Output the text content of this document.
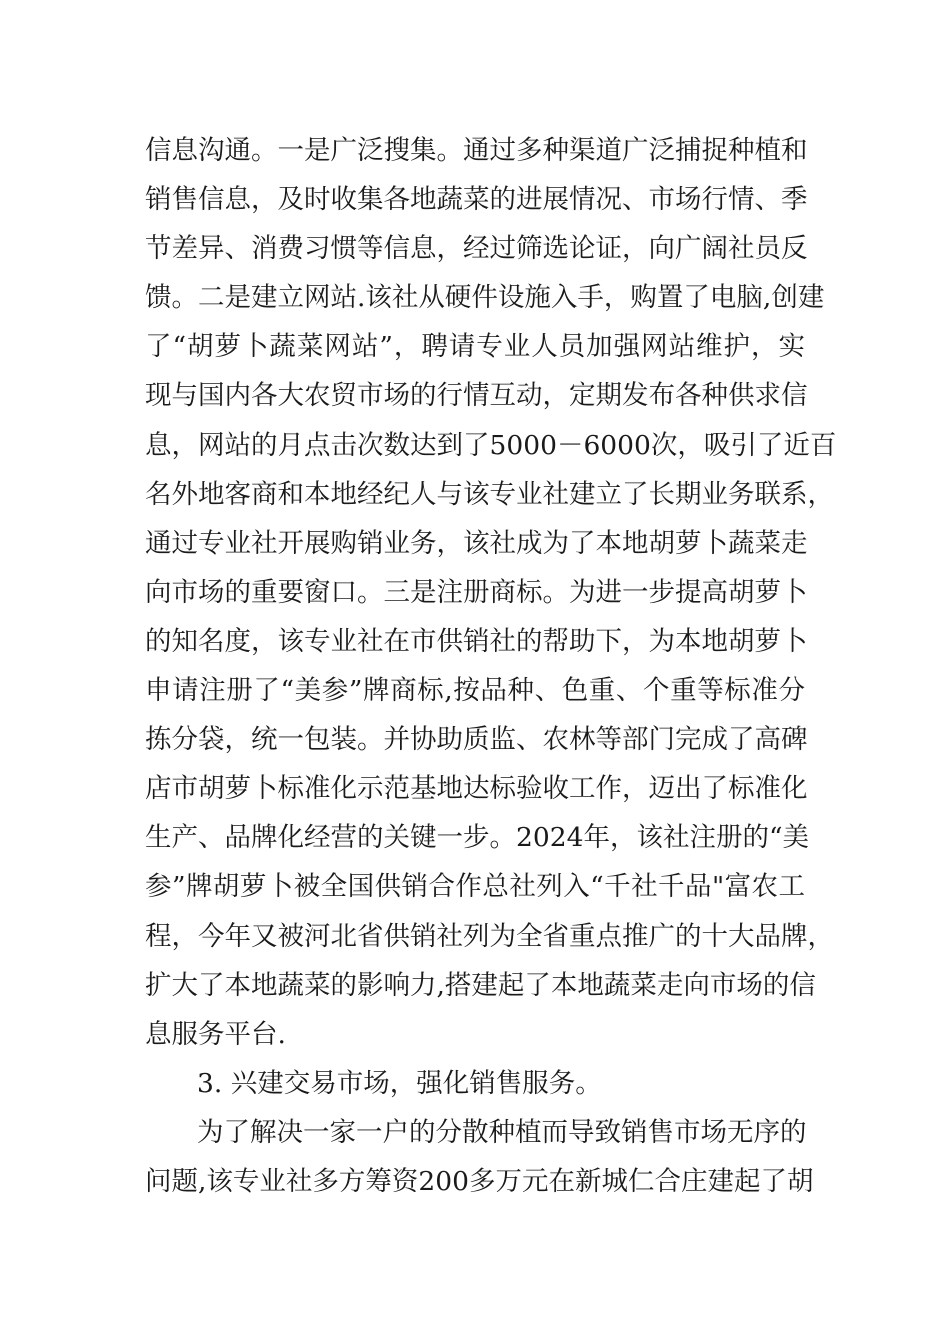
信息沟通。一是广泛搜集。通过多种渠道广泛捕捉种植和
销售信息，及时收集各地蔬菜的进展情况、市场行情、季
节差异、消费习惯等信息，经过筛选论证，向广阔社员反
馈。二是建立网站.该社从硬件设施入手，购置了电脑,创建
了“胡萝卜蔬菜网站”，聘请专业人员加强网站维护，实
现与国内各大农贸市场的行情互动，定期发布各种供求信
息，网站的月点击次数达到了5000－6000次，吸引了近百
名外地客商和本地经纪人与该专业社建立了长期业务联系，
通过专业社开展购销业务，该社成为了本地胡萝卜蔬菜走
向市场的重要窗口。三是注册商标。为进一步提高胡萝卜
的知名度，该专业社在市供销社的帮助下，为本地胡萝卜
申请注册了“美参”牌商标,按品种、色重、个重等标准分
拣分袋，统一包装。并协助质监、农林等部门完成了高碑
店市胡萝卜标准化示范基地达标验收工作，迈出了标准化
生产、品牌化经营的关键一步。2024年，该社注册的“美
参”牌胡萝卜被全国供销合作总社列入“千社千品"富农工
程，今年又被河北省供销社列为全省重点推广的十大品牌，
扩大了本地蔬菜的影响力,搭建起了本地蔬菜走向市场的信
息服务平台.
3. 兴建交易市场，强化销售服务。
为了解决一家一户的分散种植而导致销售市场无序的
问题,该专业社多方筹资200多万元在新城仁合庄建起了胡
